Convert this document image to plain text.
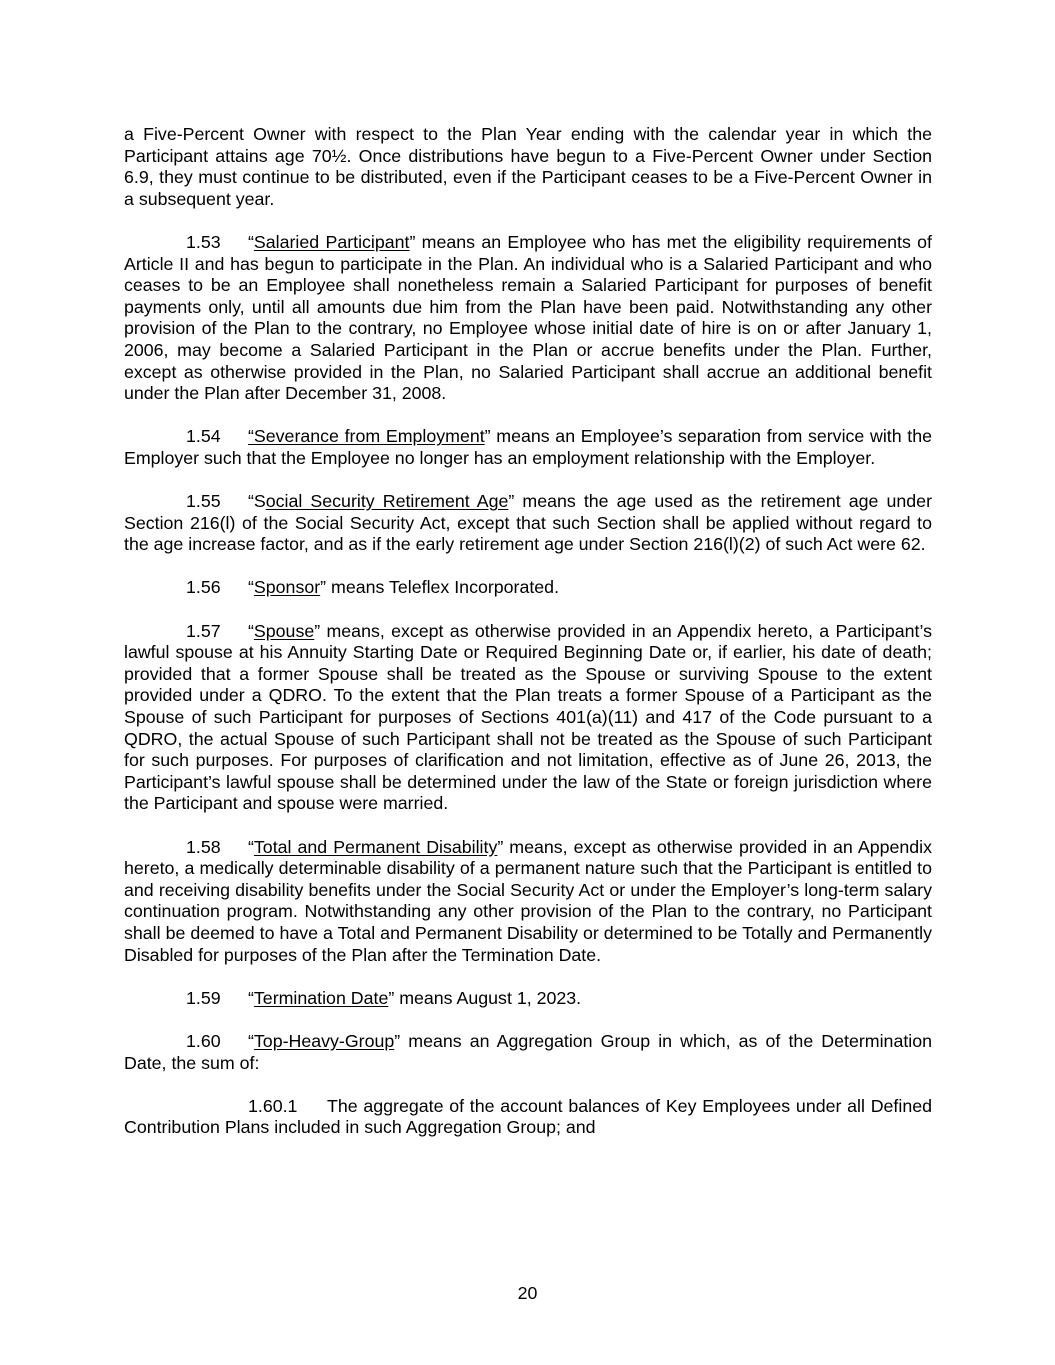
a Five-Percent Owner with respect to the Plan Year ending with the calendar year in which the Participant attains age 70½. Once distributions have begun to a Five-Percent Owner under Section 6.9, they must continue to be distributed, even if the Participant ceases to be a Five-Percent Owner in a subsequent year.

1.53 “Salaried Participant” means an Employee who has met the eligibility requirements of Article II and has begun to participate in the Plan. An individual who is a Salaried Participant and who ceases to be an Employee shall nonetheless remain a Salaried Participant for purposes of benefit payments only, until all amounts due him from the Plan have been paid. Notwithstanding any other provision of the Plan to the contrary, no Employee whose initial date of hire is on or after January 1, 2006, may become a Salaried Participant in the Plan or accrue benefits under the Plan. Further, except as otherwise provided in the Plan, no Salaried Participant shall accrue an additional benefit under the Plan after December 31, 2008.

1.54 “Severance from Employment” means an Employee’s separation from service with the Employer such that the Employee no longer has an employment relationship with the Employer.

1.55 “Social Security Retirement Age” means the age used as the retirement age under Section 216(l) of the Social Security Act, except that such Section shall be applied without regard to the age increase factor, and as if the early retirement age under Section 216(l)(2) of such Act were 62.

1.56 “Sponsor” means Teleflex Incorporated.

1.57 “Spouse” means, except as otherwise provided in an Appendix hereto, a Participant’s lawful spouse at his Annuity Starting Date or Required Beginning Date or, if earlier, his date of death; provided that a former Spouse shall be treated as the Spouse or surviving Spouse to the extent provided under a QDRO. To the extent that the Plan treats a former Spouse of a Participant as the Spouse of such Participant for purposes of Sections 401(a)(11) and 417 of the Code pursuant to a QDRO, the actual Spouse of such Participant shall not be treated as the Spouse of such Participant for such purposes. For purposes of clarification and not limitation, effective as of June 26, 2013, the Participant’s lawful spouse shall be determined under the law of the State or foreign jurisdiction where the Participant and spouse were married.

1.58 “Total and Permanent Disability” means, except as otherwise provided in an Appendix hereto, a medically determinable disability of a permanent nature such that the Participant is entitled to and receiving disability benefits under the Social Security Act or under the Employer’s long-term salary continuation program. Notwithstanding any other provision of the Plan to the contrary, no Participant shall be deemed to have a Total and Permanent Disability or determined to be Totally and Permanently Disabled for purposes of the Plan after the Termination Date.

1.59 “Termination Date” means August 1, 2023.

1.60 “Top-Heavy-Group” means an Aggregation Group in which, as of the Determination Date, the sum of:

1.60.1 The aggregate of the account balances of Key Employees under all Defined Contribution Plans included in such Aggregation Group; and

20
